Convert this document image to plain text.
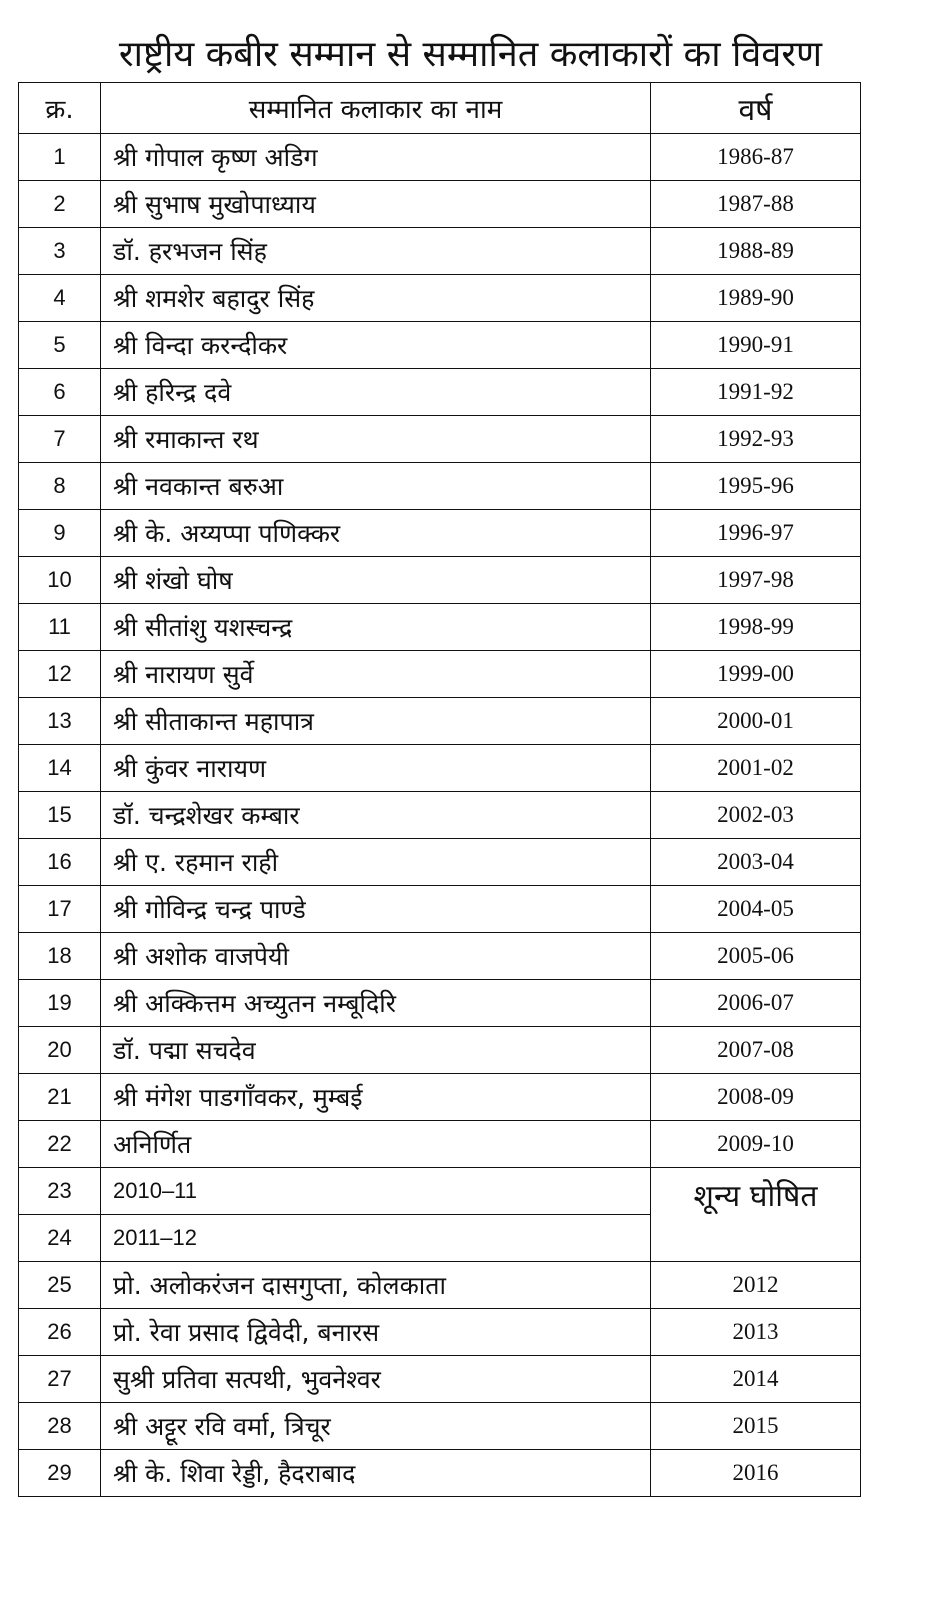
राष्ट्रीय कबीर सम्मान से सम्मानित कलाकारों का विवरण
क्र.	सम्मानित कलाकार का नाम	वर्ष
1	श्री गोपाल कृष्ण अडिग	1986-87
2	श्री सुभाष मुखोपाध्याय	1987-88
3	डॉ. हरभजन सिंह	1988-89
4	श्री शमशेर बहादुर सिंह	1989-90
5	श्री विन्दा करन्दीकर	1990-91
6	श्री हरिन्द्र दवे	1991-92
7	श्री रमाकान्त रथ	1992-93
8	श्री नवकान्त बरुआ	1995-96
9	श्री के. अय्यप्पा पणिक्कर	1996-97
10	श्री शंखो घोष	1997-98
11	श्री सीतांशु यशस्चन्द्र	1998-99
12	श्री नारायण सुर्वे	1999-00
13	श्री सीताकान्त महापात्र	2000-01
14	श्री कुंवर नारायण	2001-02
15	डॉ. चन्द्रशेखर कम्बार	2002-03
16	श्री ए. रहमान राही	2003-04
17	श्री गोविन्द्र चन्द्र पाण्डे	2004-05
18	श्री अशोक वाजपेयी	2005-06
19	श्री अक्कित्तम अच्युतन नम्बूदिरि	2006-07
20	डॉ. पद्मा सचदेव	2007-08
21	श्री मंगेश पाडगाँवकर, मुम्बई	2008-09
22	अनिर्णित	2009-10
23	2010–11	शून्य घोषित
24	2011–12	
25	प्रो. अलोकरंजन दासगुप्ता, कोलकाता	2012
26	प्रो. रेवा प्रसाद द्विवेदी, बनारस	2013
27	सुश्री प्रतिवा सत्पथी, भुवनेश्वर	2014
28	श्री अट्टूर रवि वर्मा, त्रिचूर	2015
29	श्री के. शिवा रेड्डी, हैदराबाद	2016
